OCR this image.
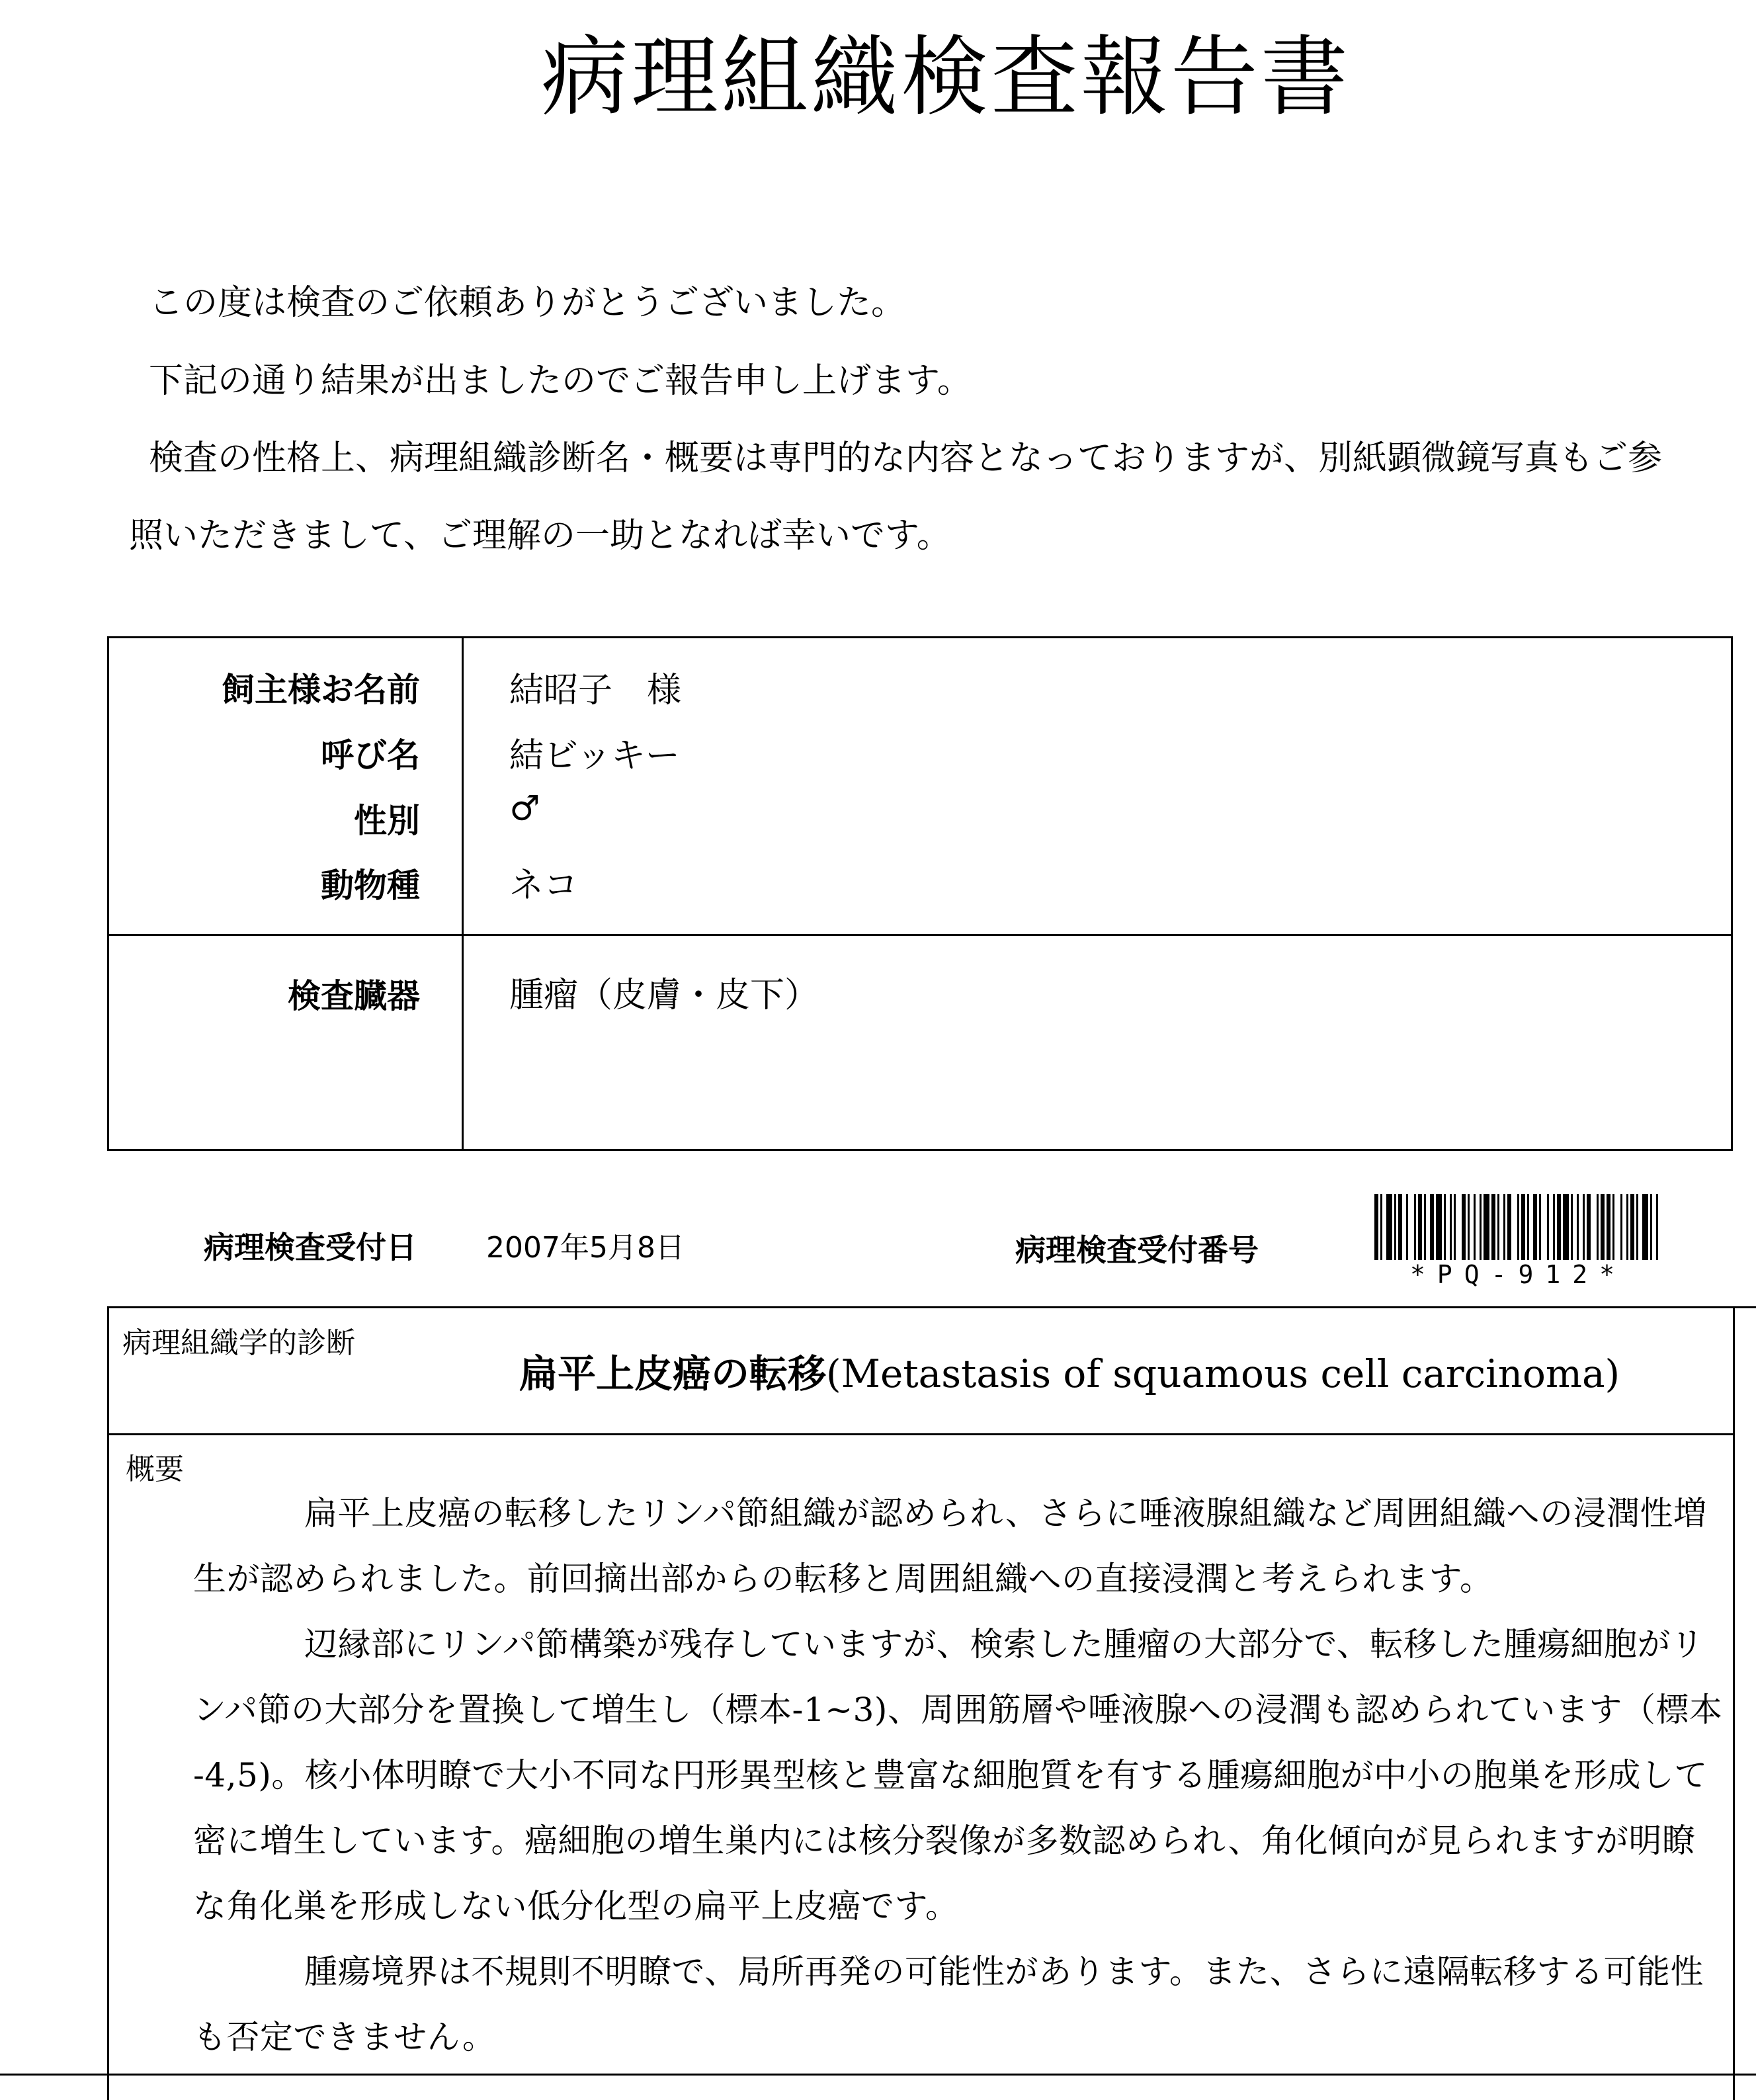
病理組織検査報告書
この度は検査のご依頼ありがとうございました。
下記の通り結果が出ましたのでご報告申し上げます。
検査の性格上、病理組織診断名・概要は専門的な内容となっておりますが、別紙顕微鏡写真もご参
照いただきまして、ご理解の一助となれば幸いです。
飼主様お名前	結昭子　様
呼び名	結ビッキー
性別	♂
動物種	ネコ
検査臓器	腫瘤（皮膚・皮下）
病理検査受付日 2007年5月8日	病理検査受付番号
*PQ-912*
病理組織学的診断
扁平上皮癌の転移(Metastasis of squamous cell carcinoma)
概要
扁平上皮癌の転移したリンパ節組織が認められ、さらに唾液腺組織など周囲組織への浸潤性増
生が認められました。前回摘出部からの転移と周囲組織への直接浸潤と考えられます。
辺縁部にリンパ節構築が残存していますが、検索した腫瘤の大部分で、転移した腫瘍細胞がリ
ンパ節の大部分を置換して増生し（標本-1~3)、周囲筋層や唾液腺への浸潤も認められています（標本
-4,5)。核小体明瞭で大小不同な円形異型核と豊富な細胞質を有する腫瘍細胞が中小の胞巣を形成して
密に増生しています。癌細胞の増生巣内には核分裂像が多数認められ、角化傾向が見られますが明瞭
な角化巣を形成しない低分化型の扁平上皮癌です。
腫瘍境界は不規則不明瞭で、局所再発の可能性があります。また、さらに遠隔転移する可能性
も否定できません。
